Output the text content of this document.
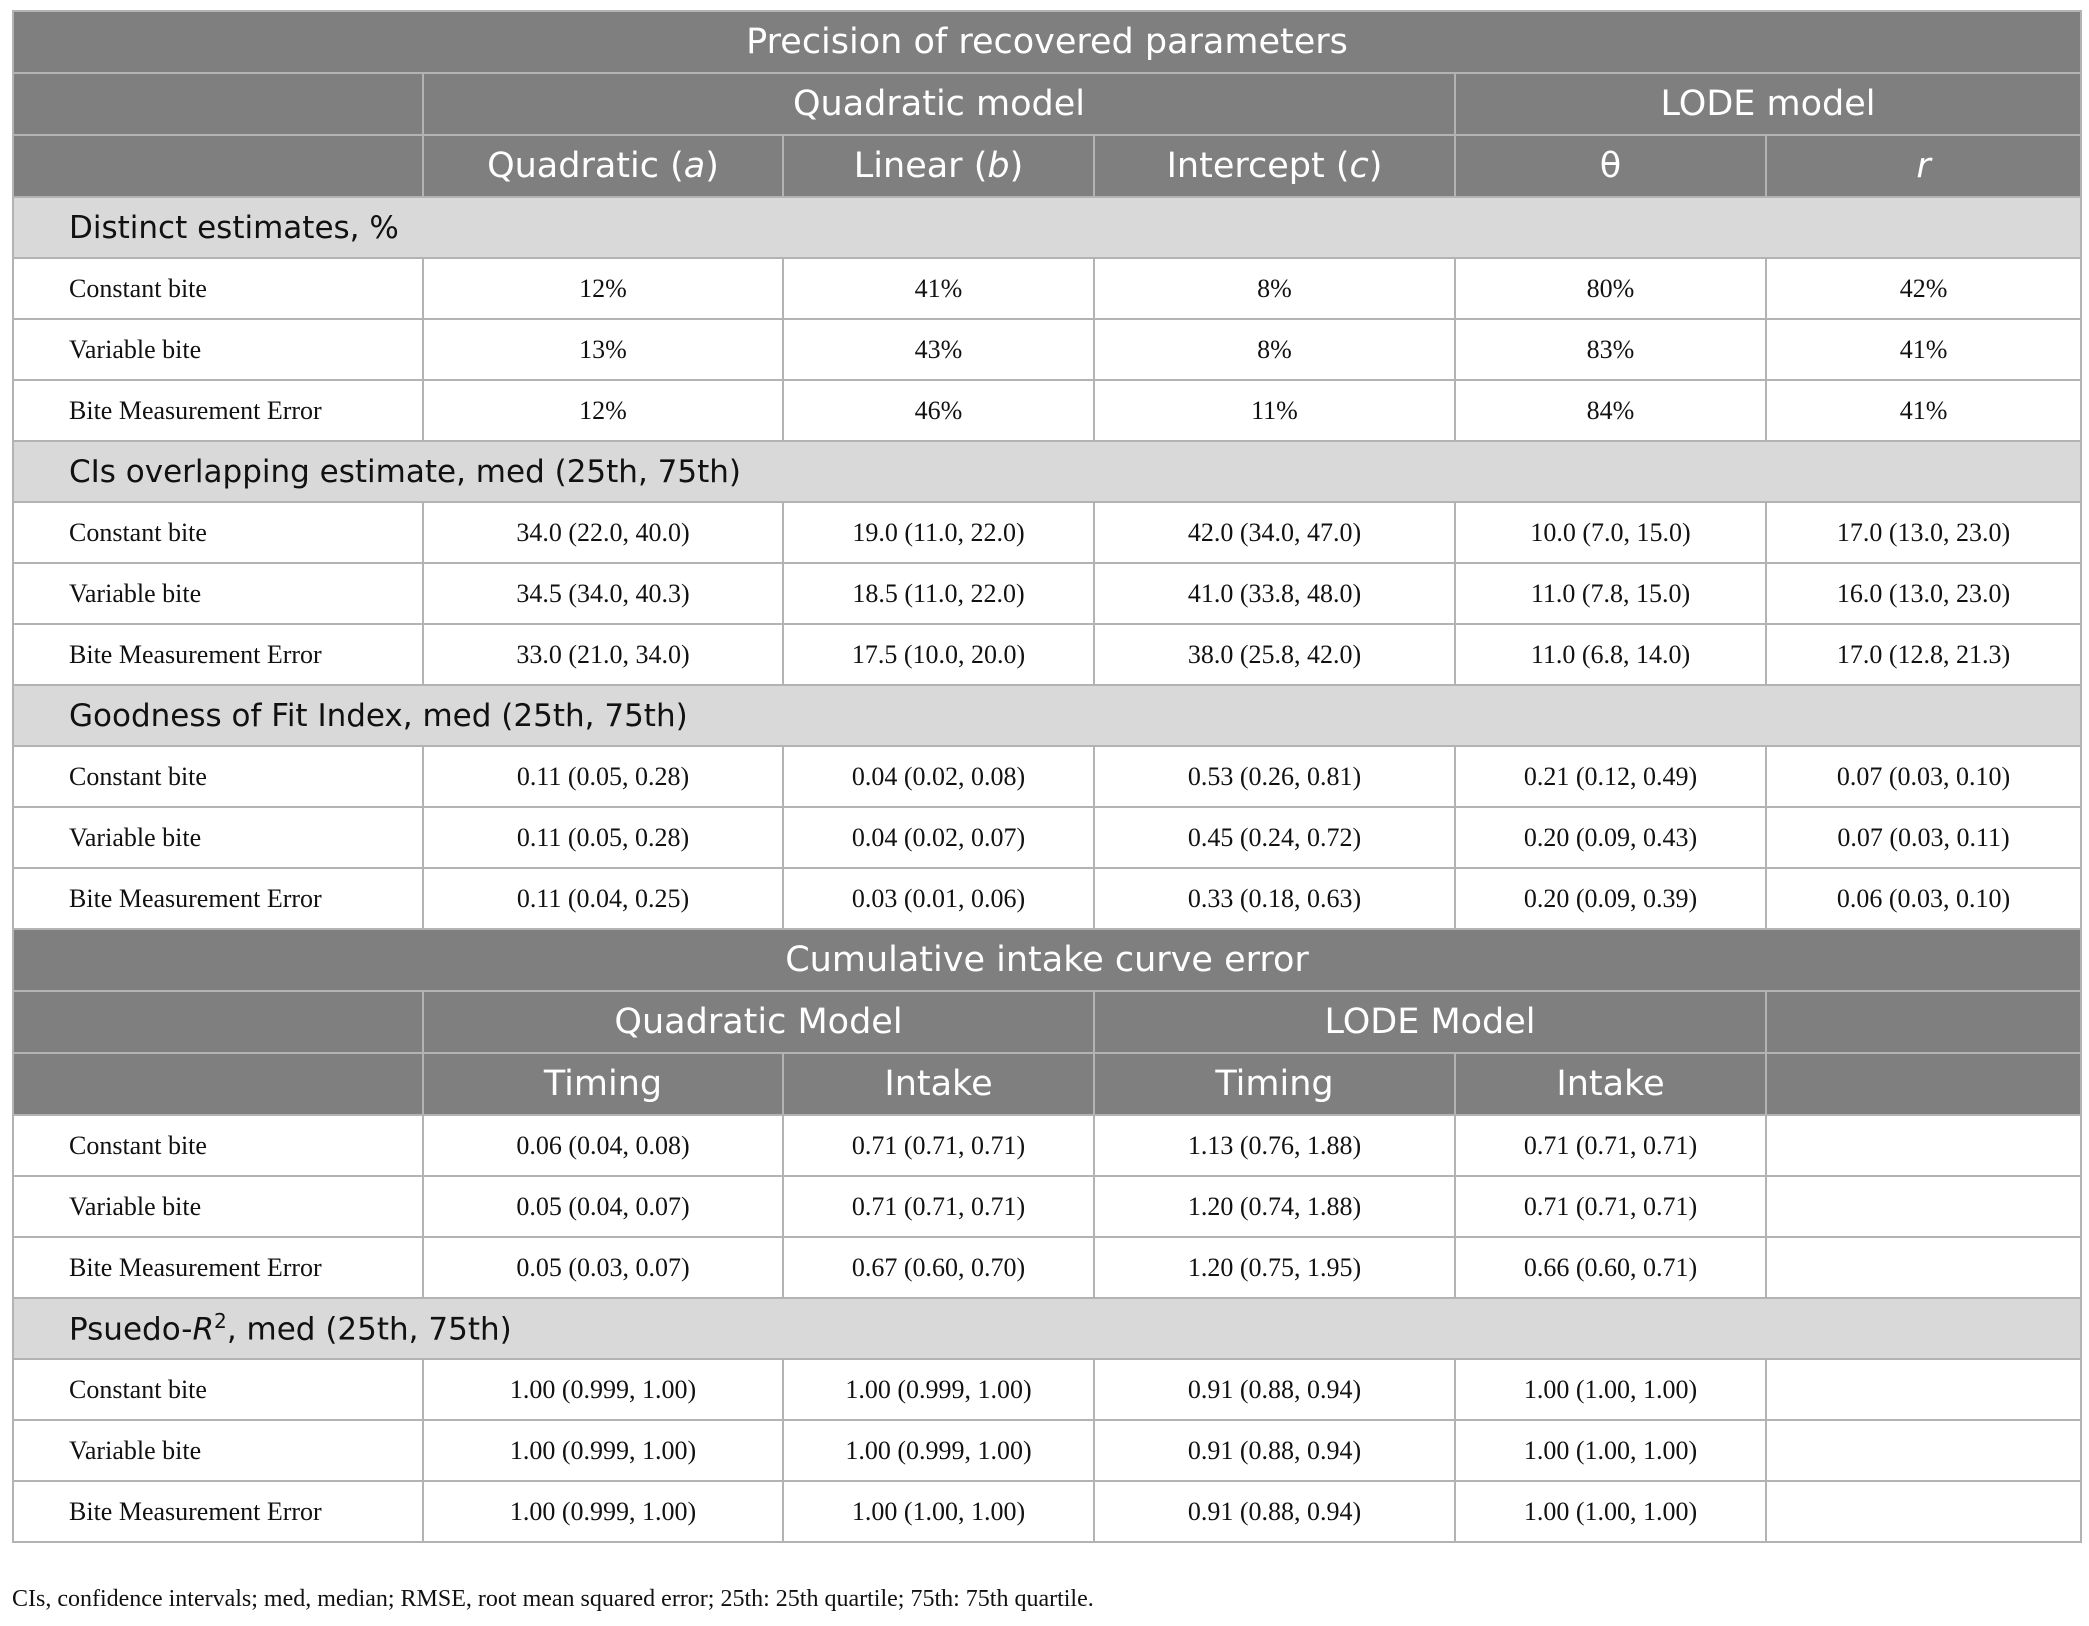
Precision of recovered parameters					
	Quadratic model			LODE model	
	Quadratic (a)	Linear (b)	Intercept (c)	θ	r
Distinct estimates, %					
Constant bite	12%	41%	8%	80%	42%
Variable bite	13%	43%	8%	83%	41%
Bite Measurement Error	12%	46%	11%	84%	41%
CIs overlapping estimate, med (25th, 75th)					
Constant bite	34.0 (22.0, 40.0)	19.0 (11.0, 22.0)	42.0 (34.0, 47.0)	10.0 (7.0, 15.0)	17.0 (13.0, 23.0)
Variable bite	34.5 (34.0, 40.3)	18.5 (11.0, 22.0)	41.0 (33.8, 48.0)	11.0 (7.8, 15.0)	16.0 (13.0, 23.0)
Bite Measurement Error	33.0 (21.0, 34.0)	17.5 (10.0, 20.0)	38.0 (25.8, 42.0)	11.0 (6.8, 14.0)	17.0 (12.8, 21.3)
Goodness of Fit Index, med (25th, 75th)					
Constant bite	0.11 (0.05, 0.28)	0.04 (0.02, 0.08)	0.53 (0.26, 0.81)	0.21 (0.12, 0.49)	0.07 (0.03, 0.10)
Variable bite	0.11 (0.05, 0.28)	0.04 (0.02, 0.07)	0.45 (0.24, 0.72)	0.20 (0.09, 0.43)	0.07 (0.03, 0.11)
Bite Measurement Error	0.11 (0.04, 0.25)	0.03 (0.01, 0.06)	0.33 (0.18, 0.63)	0.20 (0.09, 0.39)	0.06 (0.03, 0.10)
Cumulative intake curve error					
	Quadratic Model		LODE Model		
	Timing	Intake	Timing	Intake	
Constant bite	0.06 (0.04, 0.08)	0.71 (0.71, 0.71)	1.13 (0.76, 1.88)	0.71 (0.71, 0.71)	
Variable bite	0.05 (0.04, 0.07)	0.71 (0.71, 0.71)	1.20 (0.74, 1.88)	0.71 (0.71, 0.71)	
Bite Measurement Error	0.05 (0.03, 0.07)	0.67 (0.60, 0.70)	1.20 (0.75, 1.95)	0.66 (0.60, 0.71)	
Psuedo-$R^2$, med (25th, 75th)					
Constant bite	1.00 (0.999, 1.00)	1.00 (0.999, 1.00)	0.91 (0.88, 0.94)	1.00 (1.00, 1.00)	
Variable bite	1.00 (0.999, 1.00)	1.00 (0.999, 1.00)	0.91 (0.88, 0.94)	1.00 (1.00, 1.00)	
Bite Measurement Error	1.00 (0.999, 1.00)	1.00 (1.00, 1.00)	0.91 (0.88, 0.94)	1.00 (1.00, 1.00)	
CIs, confidence intervals; med, median; RMSE, root mean squared error; 25th: 25th quartile; 75th: 75th quartile.
